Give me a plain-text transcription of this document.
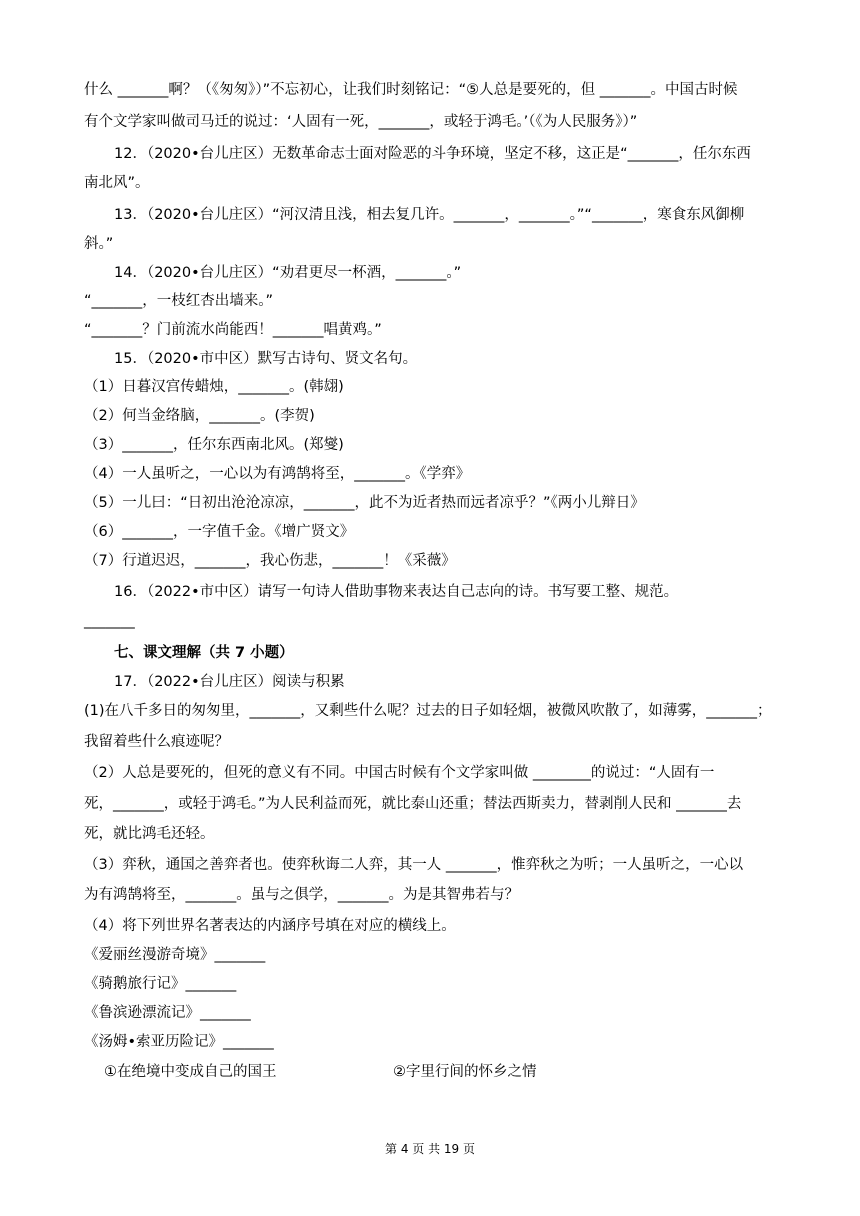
什么 _______啊？（《匆匆》）”不忘初心，让我们时刻铭记：“⑤人总是要死的，但 _______。中国古时候
有个文学家叫做司马迁的说过：‘人固有一死，_______，或轻于鸿毛。’（《为人民服务》）”
12．（2020•台儿庄区）无数革命志士面对险恶的斗争环境，坚定不移，这正是“_______，任尔东西
南北风”。
13．（2020•台儿庄区）“河汉清且浅，相去复几许。_______，_______。”“_______，寒食东风御柳
斜。”
14．（2020•台儿庄区）“劝君更尽一杯酒，_______。”
“_______，一枝红杏出墙来。”
“_______？门前流水尚能西！_______唱黄鸡。”
15．（2020•市中区）默写古诗句、贤文名句。
（1）日暮汉宫传蜡烛，_______。(韩翃)
（2）何当金络脑，_______。(李贺)
（3）_______，任尔东西南北风。(郑燮)
（4）一人虽听之，一心以为有鸿鹄将至，_______。《学弈》
（5）一儿曰：“日初出沧沧凉凉，_______，此不为近者热而远者凉乎？”《两小儿辩日》
（6）_______，一字值千金。《增广贤文》
（7）行道迟迟，_______，我心伤悲，_______！《采薇》
16．（2022•市中区）请写一句诗人借助事物来表达自己志向的诗。书写要工整、规范。
_______
七、课文理解（共 7 小题）
17．（2022•台儿庄区）阅读与积累
(1)在八千多日的匆匆里，_______，又剩些什么呢？过去的日子如轻烟，被微风吹散了，如薄雾，_______；
我留着些什么痕迹呢？
（2）人总是要死的，但死的意义有不同。中国古时候有个文学家叫做 ________的说过：“人固有一
死，_______，或轻于鸿毛。”为人民利益而死，就比泰山还重；替法西斯卖力，替剥削人民和 _______去
死，就比鸿毛还轻。
（3）弈秋，通国之善弈者也。使弈秋诲二人弈，其一人 _______，惟弈秋之为听；一人虽听之，一心以
为有鸿鹄将至，_______。虽与之俱学，_______。为是其智弗若与？
（4）将下列世界名著表达的内涵序号填在对应的横线上。
《爱丽丝漫游奇境》_______
《骑鹅旅行记》_______
《鲁滨逊漂流记》_______
《汤姆•索亚历险记》_______
①在绝境中变成自己的国王	②字里行间的怀乡之情
第 4 页 共 19 页
